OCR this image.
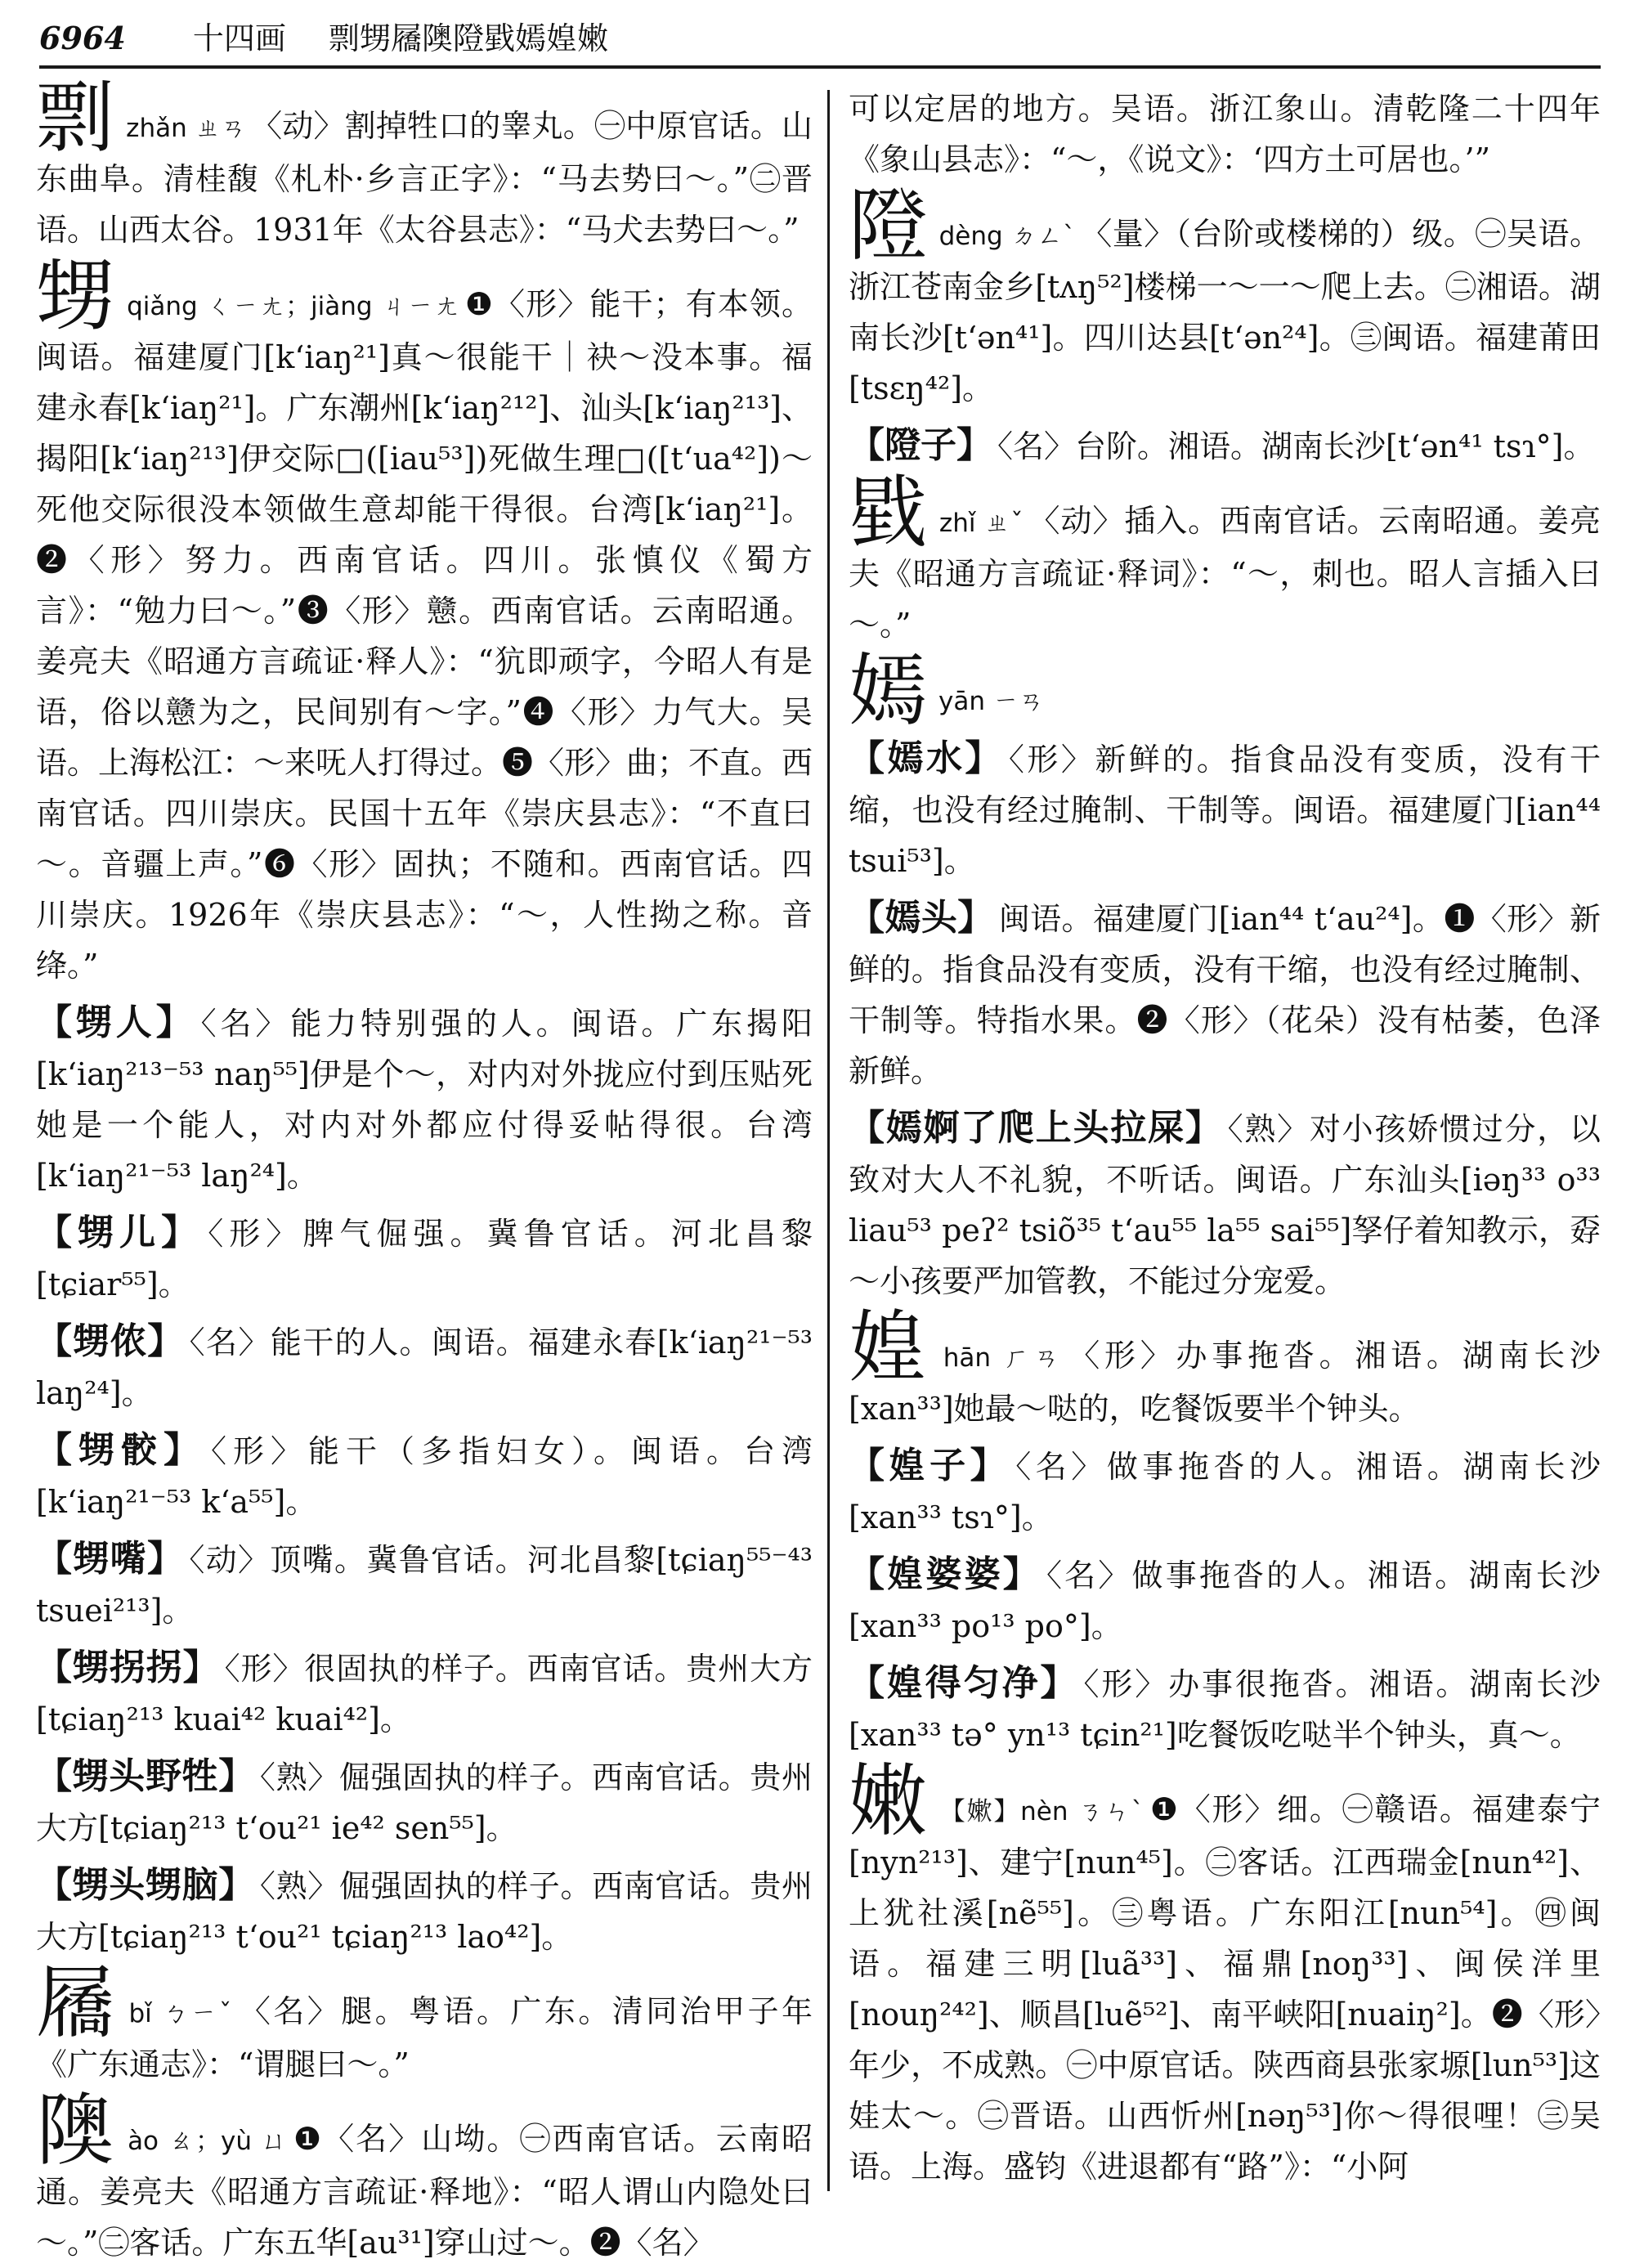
6964 十四画 剽甥屩隩隥戥嫣媓嫩
剽zhǎn ㄓㄢ 〈动〉割掉牲口的睾丸。㊀中原官话。山东曲阜。清桂馥《札朴·乡言正字》：“马去势曰～。”㊁晋语。山西太谷。1931年《太谷县志》：“马犬去势曰～。”
甥qiǎng ㄑㄧㄤ；jiàng ㄐㄧㄤ ❶〈形〉能干；有本领。闽语。福建厦门[k‘iaŋ²¹]真～很能干｜袂～没本事。福建永春[k‘iaŋ²¹]。广东潮州[k‘iaŋ²¹²]、汕头[k‘iaŋ²¹³]、揭阳[k‘iaŋ²¹³]伊交际□([iau⁵³])死做生理□([t‘ua⁴²])～死他交际很没本领做生意却能干得很。台湾[k‘iaŋ²¹]。❷〈形〉努力。西南官话。四川。张慎仪《蜀方言》：“勉力曰～。”❸〈形〉戆。西南官话。云南昭通。姜亮夫《昭通方言疏证·释人》：“犺即顽字，今昭人有是语，俗以戆为之，民间别有～字。”❹〈形〉力气大。吴语。上海松江：～来呒人打得过。❺〈形〉曲；不直。西南官话。四川崇庆。民国十五年《崇庆县志》：“不直曰～。音疆上声。”❻〈形〉固执；不随和。西南官话。四川崇庆。1926年《崇庆县志》：“～，人性拗之称。音绛。”
【甥人】 〈名〉能力特别强的人。闽语。广东揭阳[k‘iaŋ²¹³⁻⁵³ naŋ⁵⁵]伊是个～，对内对外拢应付到压贴死她是一个能人，对内对外都应付得妥帖得很。台湾[k‘iaŋ²¹⁻⁵³ laŋ²⁴]。
【甥儿】 〈形〉脾气倔强。冀鲁官话。河北昌黎[tɕiar⁵⁵]。
【甥侬】 〈名〉能干的人。闽语。福建永春[k‘iaŋ²¹⁻⁵³ laŋ²⁴]。
【甥骹】 〈形〉能干（多指妇女）。闽语。台湾[k‘iaŋ²¹⁻⁵³ k‘a⁵⁵]。
【甥嘴】 〈动〉顶嘴。冀鲁官话。河北昌黎[tɕiaŋ⁵⁵⁻⁴³ tsuei²¹³]。
【甥拐拐】 〈形〉很固执的样子。西南官话。贵州大方[tɕiaŋ²¹³ kuai⁴² kuai⁴²]。
【甥头野牲】 〈熟〉倔强固执的样子。西南官话。贵州大方[tɕiaŋ²¹³ t‘ou²¹ ie⁴² sen⁵⁵]。
【甥头甥脑】 〈熟〉倔强固执的样子。西南官话。贵州大方[tɕiaŋ²¹³ t‘ou²¹ tɕiaŋ²¹³ lao⁴²]。
屩bǐ ㄅㄧˇ 〈名〉腿。粤语。广东。清同治甲子年《广东通志》：“谓腿曰～。”
隩ào ㄠ；yù ㄩ ❶〈名〉山坳。㊀西南官话。云南昭通。姜亮夫《昭通方言疏证·释地》：“昭人谓山内隐处曰～。”㊁客话。广东五华[au³¹]穿山过～。❷〈名〉
可以定居的地方。吴语。浙江象山。清乾隆二十四年《象山县志》：“～，《说文》：‘四方土可居也。’”
隥dèng ㄉㄥˋ 〈量〉（台阶或楼梯的）级。㊀吴语。浙江苍南金乡[tʌŋ⁵²]楼梯一～一～爬上去。㊁湘语。湖南长沙[t‘ən⁴¹]。四川达县[t‘ən²⁴]。㊂闽语。福建莆田[tsɛŋ⁴²]。
【隥子】 〈名〉台阶。湘语。湖南长沙[t‘ən⁴¹ tsɿ°]。
戥zhǐ ㄓˇ 〈动〉插入。西南官话。云南昭通。姜亮夫《昭通方言疏证·释词》：“～，刺也。昭人言插入曰～。”
嫣yān ㄧㄢ
【嫣水】 〈形〉新鲜的。指食品没有变质，没有干缩，也没有经过腌制、干制等。闽语。福建厦门[ian⁴⁴ tsui⁵³]。
【嫣头】 闽语。福建厦门[ian⁴⁴ t‘au²⁴]。❶〈形〉新鲜的。指食品没有变质，没有干缩，也没有经过腌制、干制等。特指水果。❷〈形〉（花朵）没有枯萎，色泽新鲜。
【嫣婀了爬上头拉屎】 〈熟〉对小孩娇惯过分，以致对大人不礼貌，不听话。闽语。广东汕头[iəŋ³³ o³³ liau⁵³ peʔ² tsiõ³⁵ t‘au⁵⁵ la⁵⁵ sai⁵⁵]孥仔着知教示，孬～小孩要严加管教，不能过分宠爱。
媓hān ㄏㄢ 〈形〉办事拖沓。湘语。湖南长沙[xan³³]她最～哒的，吃餐饭要半个钟头。
【媓子】 〈名〉做事拖沓的人。湘语。湖南长沙[xan³³ tsɿ°]。
【媓婆婆】 〈名〉做事拖沓的人。湘语。湖南长沙[xan³³ po¹³ po°]。
【媓得匀净】 〈形〉办事很拖沓。湘语。湖南长沙[xan³³ tə° yn¹³ tɕin²¹]吃餐饭吃哒半个钟头，真～。
嫩 【嫰】nèn ㄋㄣˋ ❶〈形〉细。㊀赣语。福建泰宁[nyn²¹³]、建宁[nun⁴⁵]。㊁客话。江西瑞金[nun⁴²]、上犹社溪[nẽ⁵⁵]。㊂粤语。广东阳江[nun⁵⁴]。㊃闽语。福建三明[luã³³]、福鼎[noŋ³³]、闽侯洋里[nouŋ²⁴²]、顺昌[luẽ⁵²]、南平峡阳[nuaiŋ²]。❷〈形〉年少，不成熟。㊀中原官话。陕西商县张家塬[lun⁵³]这娃太～。㊁晋语。山西忻州[nəŋ⁵³]你～得很哩！㊂吴语。上海。盛钧《进退都有“路”》：“小阿
